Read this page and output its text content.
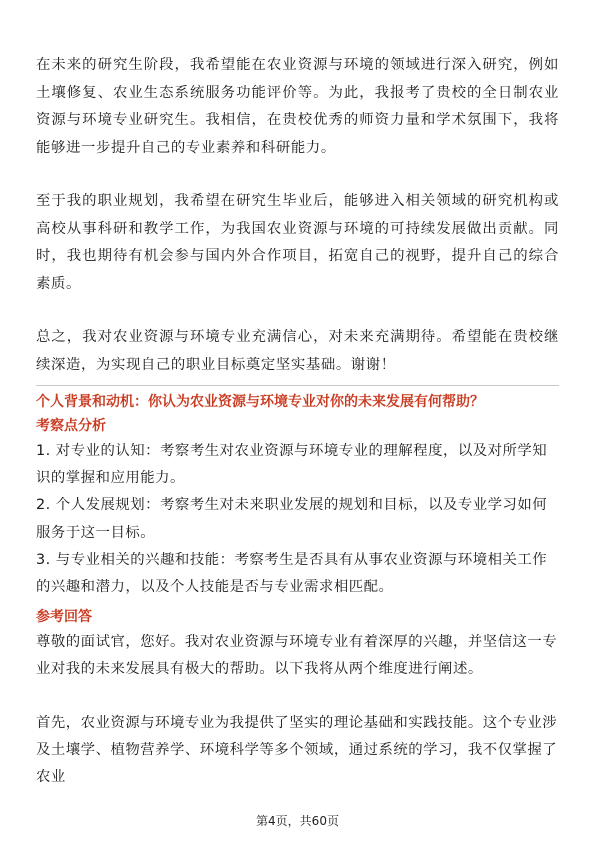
在未来的研究生阶段，我希望能在农业资源与环境的领域进行深入研究，例如土壤修复、农业生态系统服务功能评价等。为此，我报考了贵校的全日制农业资源与环境专业研究生。我相信，在贵校优秀的师资力量和学术氛围下，我将能够进一步提升自己的专业素养和科研能力。

至于我的职业规划，我希望在研究生毕业后，能够进入相关领域的研究机构或高校从事科研和教学工作，为我国农业资源与环境的可持续发展做出贡献。同时，我也期待有机会参与国内外合作项目，拓宽自己的视野，提升自己的综合素质。

总之，我对农业资源与环境专业充满信心，对未来充满期待。希望能在贵校继续深造，为实现自己的职业目标奠定坚实基础。谢谢！

个人背景和动机：你认为农业资源与环境专业对你的未来发展有何帮助？

考察点分析

1. 对专业的认知：考察考生对农业资源与环境专业的理解程度，以及对所学知识的掌握和应用能力。

2. 个人发展规划：考察考生对未来职业发展的规划和目标，以及专业学习如何服务于这一目标。

3. 与专业相关的兴趣和技能：考察考生是否具有从事农业资源与环境相关工作的兴趣和潜力，以及个人技能是否与专业需求相匹配。

参考回答

尊敬的面试官，您好。我对农业资源与环境专业有着深厚的兴趣，并坚信这一专业对我的未来发展具有极大的帮助。以下我将从两个维度进行阐述。

首先，农业资源与环境专业为我提供了坚实的理论基础和实践技能。这个专业涉及土壤学、植物营养学、环境科学等多个领域，通过系统的学习，我不仅掌握了农业

第4页，共60页
